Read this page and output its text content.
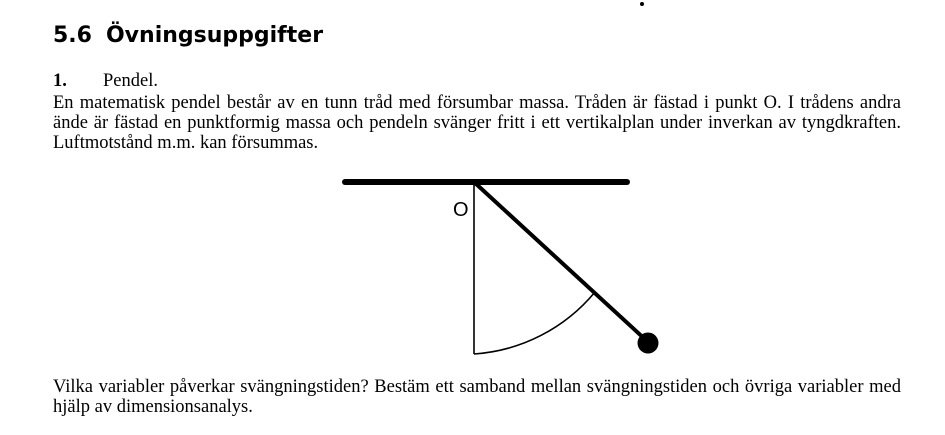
5.6 Övningsuppgifter
1. Pendel.

En matematisk pendel består av en tunn tråd med försumbar massa. Tråden är fästad i punkt O. I trådens andra ände är fästad en punktformig massa och pendeln svänger fritt i ett vertikalplan under inverkan av tyngdkraften. Luftmotstånd m.m. kan försummas.

O

Vilka variabler påverkar svängningstiden? Bestäm ett samband mellan svängningstiden och övriga variabler med hjälp av dimensionsanalys.
